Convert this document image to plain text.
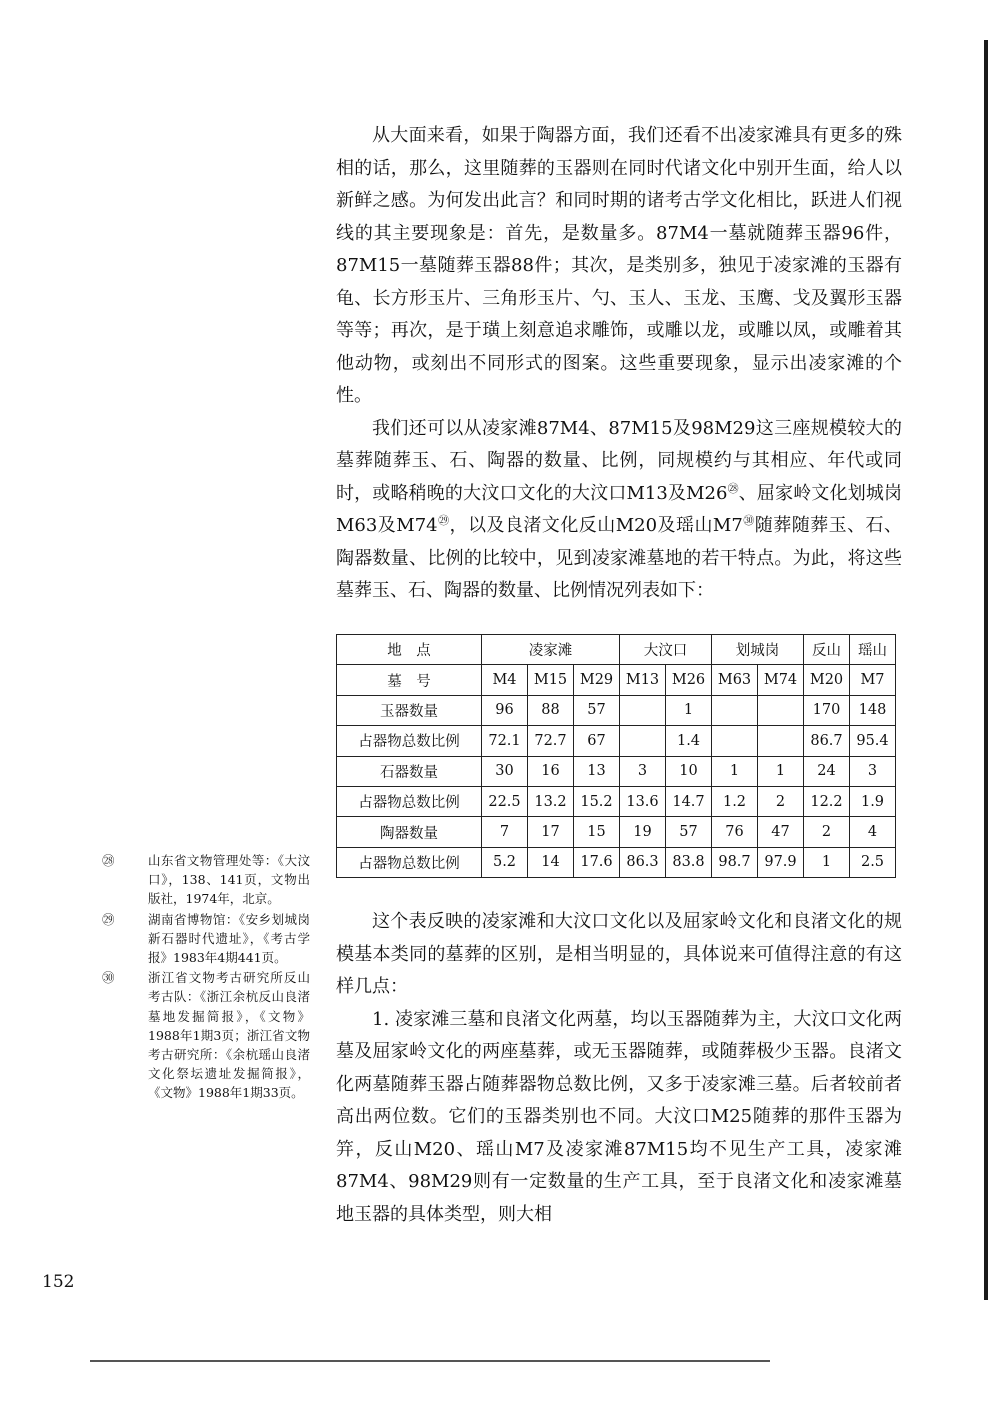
从大面来看，如果于陶器方面，我们还看不出凌家滩具有更多的殊相的话，那么，这里随葬的玉器则在同时代诸文化中别开生面，给人以新鲜之感。为何发出此言？和同时期的诸考古学文化相比，跃进人们视线的其主要现象是：首先，是数量多。87M4一墓就随葬玉器96件，87M15一墓随葬玉器88件；其次，是类别多，独见于凌家滩的玉器有龟、长方形玉片、三角形玉片、勺、玉人、玉龙、玉鹰、戈及翼形玉器等等；再次，是于璜上刻意追求雕饰，或雕以龙，或雕以凤，或雕着其他动物，或刻出不同形式的图案。这些重要现象，显示出凌家滩的个性。

我们还可以从凌家滩87M4、87M15及98M29这三座规模较大的墓葬随葬玉、石、陶器的数量、比例，同规模约与其相应、年代或同时，或略稍晚的大汶口文化的大汶口M13及$M26^㉘$、屈家岭文化划城岗M63及$M74^㉙$，以及良渚文化反山M20及瑶山$M7^㉚$随葬随葬玉、石、陶器数量、比例的比较中，见到凌家滩墓地的若干特点。为此，将这些墓葬玉、石、陶器的数量、比例情况列表如下：

地　点	凌家滩			大汶口		划城岗		反山	瑶山
墓　号	M4	M15	M29	M13	M26	M63	M74	M20	M7
玉器数量	96	88	57		1			170	148
占器物总数比例	72.1	72.7	67		1.4			86.7	95.4
石器数量	30	16	13	3	10	1	1	24	3
占器物总数比例	22.5	13.2	15.2	13.6	14.7	1.2	2	12.2	1.9
陶器数量	7	17	15	19	57	76	47	2	4
占器物总数比例	5.2	14	17.6	86.3	83.8	98.7	97.9	1	2.5

这个表反映的凌家滩和大汶口文化以及屈家岭文化和良渚文化的规模基本类同的墓葬的区别，是相当明显的，具体说来可值得注意的有这样几点：

1. 凌家滩三墓和良渚文化两墓，均以玉器随葬为主，大汶口文化两墓及屈家岭文化的两座墓葬，或无玉器随葬，或随葬极少玉器。良渚文化两墓随葬玉器占随葬器物总数比例，又多于凌家滩三墓。后者较前者高出两位数。它们的玉器类别也不同。大汶口M25随葬的那件玉器为笄，反山M20、瑶山M7及凌家滩87M15均不见生产工具，凌家滩87M4、98M29则有一定数量的生产工具，至于良渚文化和凌家滩墓地玉器的具体类型，则大相

㉘	山东省文物管理处等：《大汶口》，138、141页，文物出版社，1974年，北京。
㉙	湖南省博物馆：《安乡划城岗新石器时代遗址》，《考古学报》1983年4期441页。
㉚	浙江省文物考古研究所反山考古队：《浙江余杭反山良渚墓地发掘简报》，《文物》1988年1期3页；浙江省文物考古研究所：《余杭瑶山良渚文化祭坛遗址发掘简报》，《文物》1988年1期33页。
152
